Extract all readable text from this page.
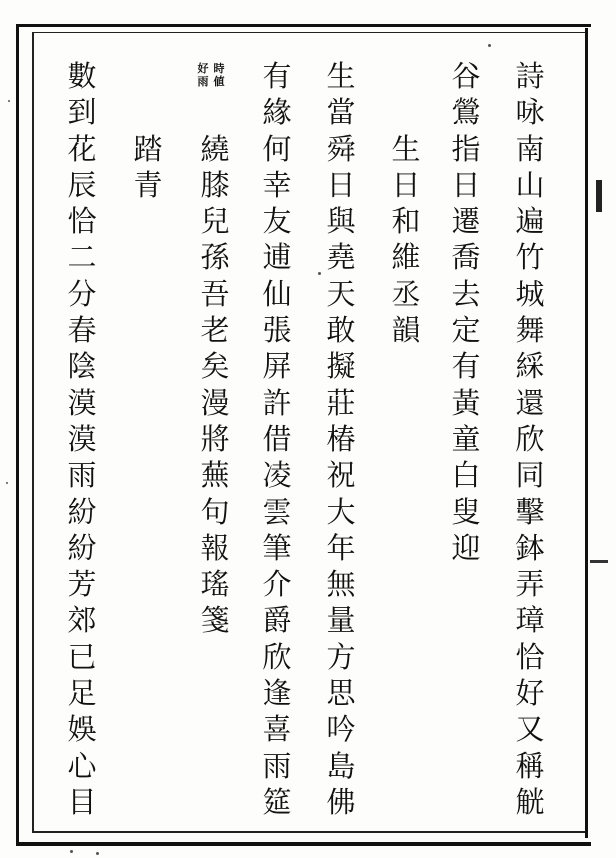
詩
咏
南
山
遍
竹
城
舞
綵
還
欣
同
擊
鉢
弄
璋
恰
好
又
稱
觥
谷
鶯
指
日
遷
喬
去
定
有
黃
童
白
叟
迎
生
日
和
維
丞
韻
生
當
舜
日
與
堯
天
敢
擬
莊
椿
祝
大
年
無
量
方
思
吟
島
佛
有
緣
何
幸
友
逋
仙
張
屏
許
借
凌
雲
筆
介
爵
欣
逢
喜
雨
筵
繞
膝
兒
孫
吾
老
矣
漫
將
蕪
句
報
瑤
箋
踏
青
數
到
花
辰
恰
二
分
春
陰
漠
漠
雨
紛
紛
芳
郊
已
足
娛
心
目
好
雨
時
値
